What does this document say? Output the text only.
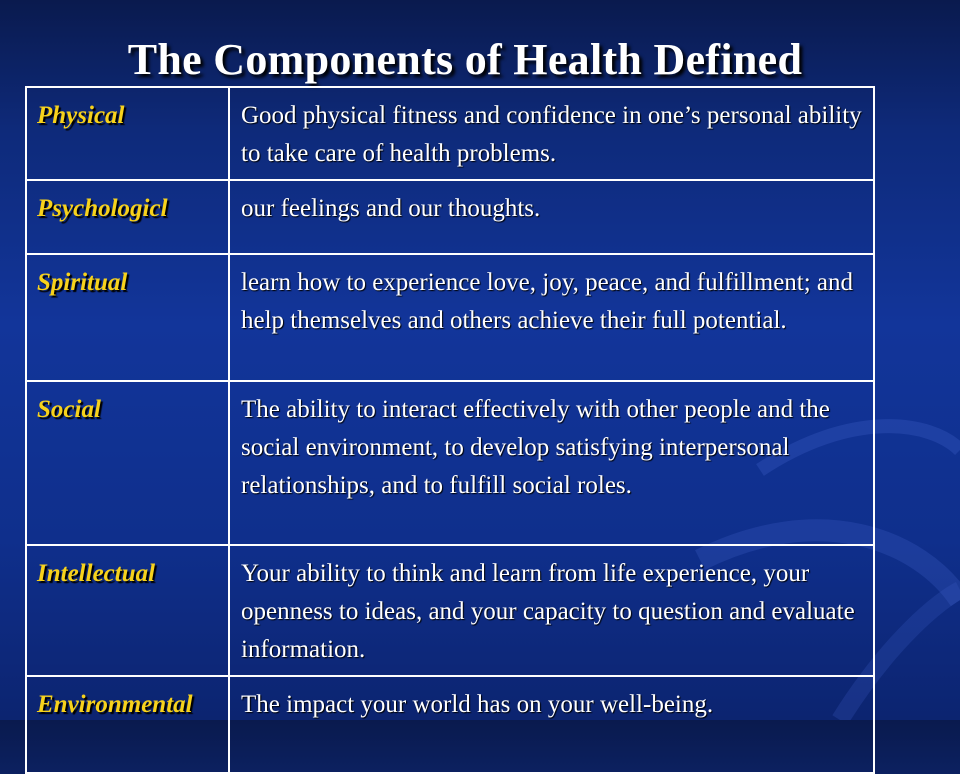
The Components of Health Defined
Physical	Good physical fitness and confidence in one’s personal ability to take care of health problems.
Psychologicl	our feelings and our thoughts.
Spiritual	learn how to experience love, joy, peace, and fulfillment; and help themselves and others achieve their full potential.
Social	The ability to interact effectively with other people and the social environment, to develop satisfying interpersonal relationships, and to fulfill social roles.
Intellectual	Your ability to think and learn from life experience, your openness to ideas, and your capacity to question and evaluate information.
Environmental	The impact your world has on your well-being.
